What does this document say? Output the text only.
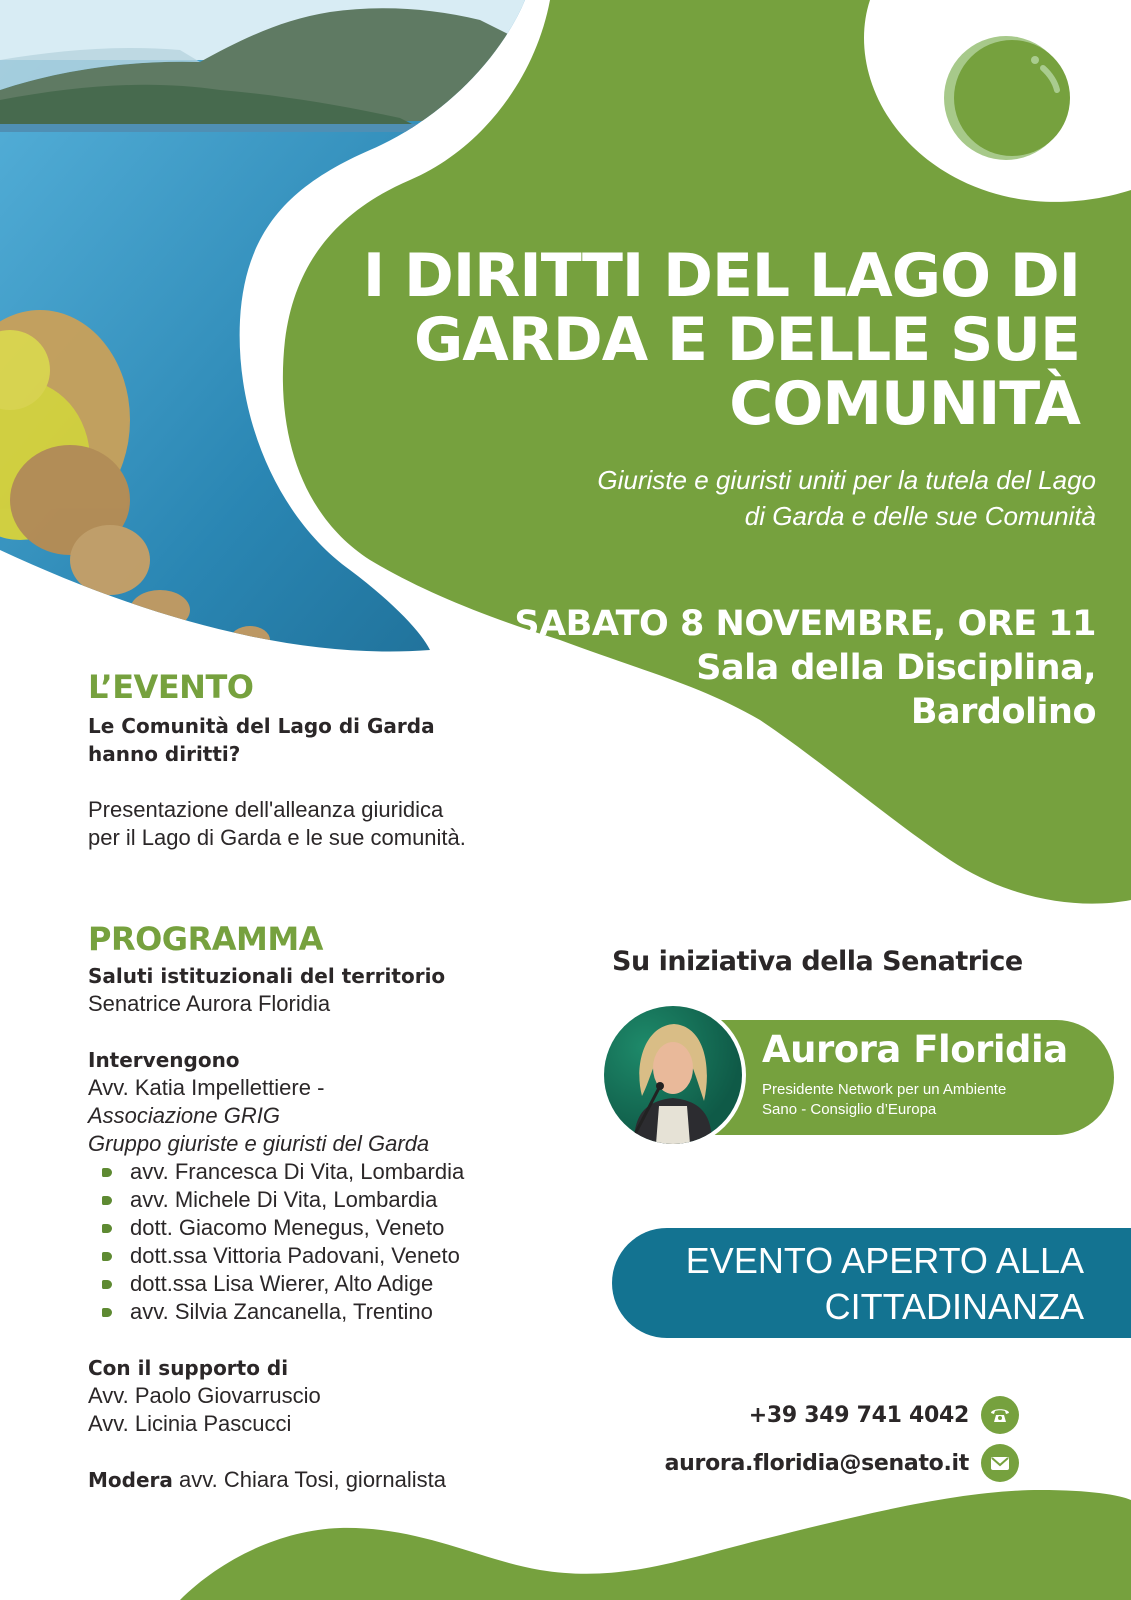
I DIRITTI DEL LAGO DI
GARDA E DELLE SUE
COMUNITÀ
Giuriste e giuristi uniti per la tutela del Lago
di Garda e delle sue Comunità
SABATO 8 NOVEMBRE, ORE 11
Sala della Disciplina,
Bardolino
L’EVENTO
Le Comunità del Lago di Garda
hanno diritti?
Presentazione dell'alleanza giuridica
per il Lago di Garda e le sue comunità.
PROGRAMMA
Saluti istituzionali del territorio
Senatrice Aurora Floridia
Intervengono
Avv. Katia Impellettiere -
Associazione GRIG
Gruppo giuriste e giuristi del Garda
avv. Francesca Di Vita, Lombardia
avv. Michele Di Vita, Lombardia
dott. Giacomo Menegus, Veneto
dott.ssa Vittoria Padovani, Veneto
dott.ssa Lisa Wierer, Alto Adige
avv. Silvia Zancanella, Trentino
Con il supporto di
Avv. Paolo Giovarruscio
Avv. Licinia Pascucci
Modera avv. Chiara Tosi, giornalista
Su iniziativa della Senatrice
Aurora Floridia
Presidente Network per un Ambiente
Sano - Consiglio d’Europa
EVENTO APERTO ALLA
CITTADINANZA
+39 349 741 4042
aurora.floridia@senato.it
